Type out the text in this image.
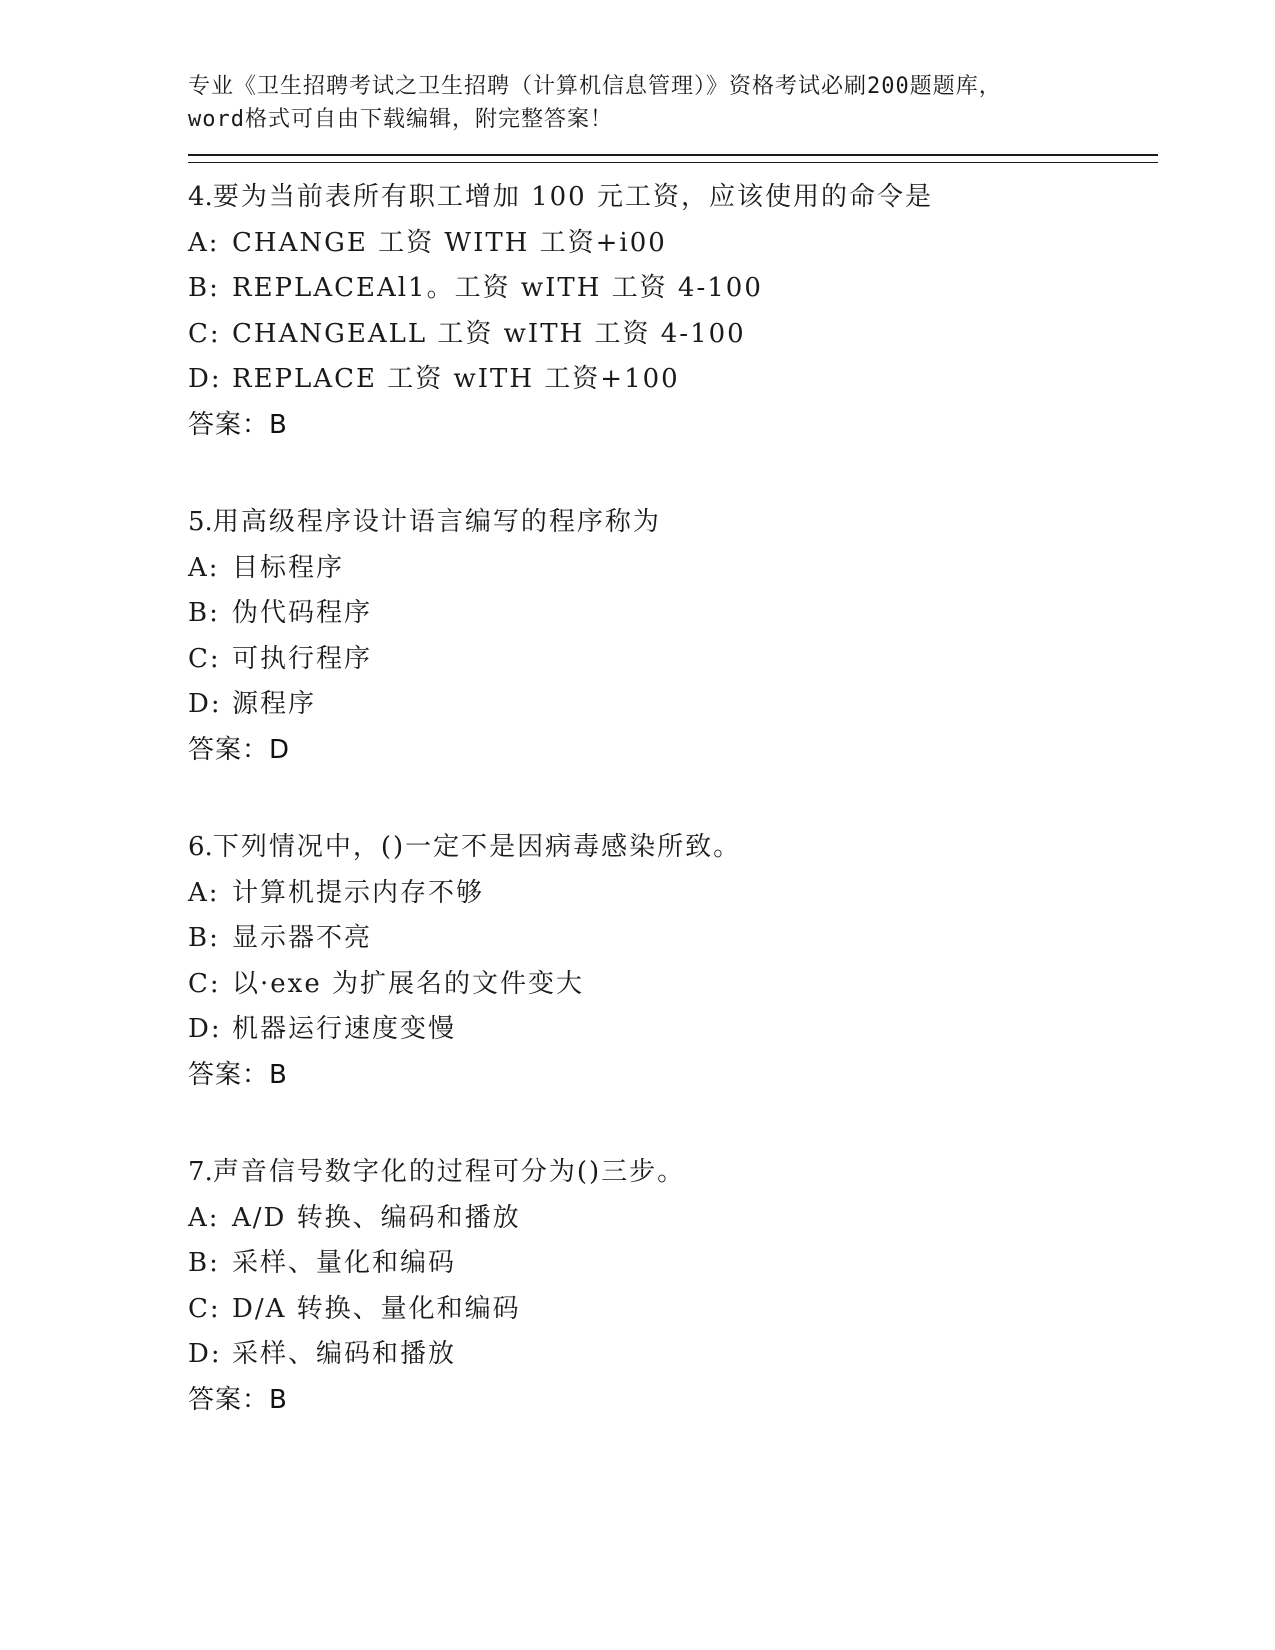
专业《卫生招聘考试之卫生招聘（计算机信息管理）》资格考试必刷200题题库，
word格式可自由下载编辑，附完整答案！
4.要为当前表所有职工增加 100 元工资，应该使用的命令是
A: CHANGE 工资 WITH 工资+i00
B: REPLACEAl1。工资 wITH 工资 4-100
C: CHANGEALL 工资 wITH 工资 4-100
D: REPLACE 工资 wITH 工资+100
答案：B
5.用高级程序设计语言编写的程序称为
A: 目标程序
B: 伪代码程序
C: 可执行程序
D: 源程序
答案：D
6.下列情况中，()一定不是因病毒感染所致。
A: 计算机提示内存不够
B: 显示器不亮
C: 以·exe 为扩展名的文件变大
D: 机器运行速度变慢
答案：B
7.声音信号数字化的过程可分为()三步。
A: A/D 转换、编码和播放
B: 采样、量化和编码
C: D/A 转换、量化和编码
D: 采样、编码和播放
答案：B
